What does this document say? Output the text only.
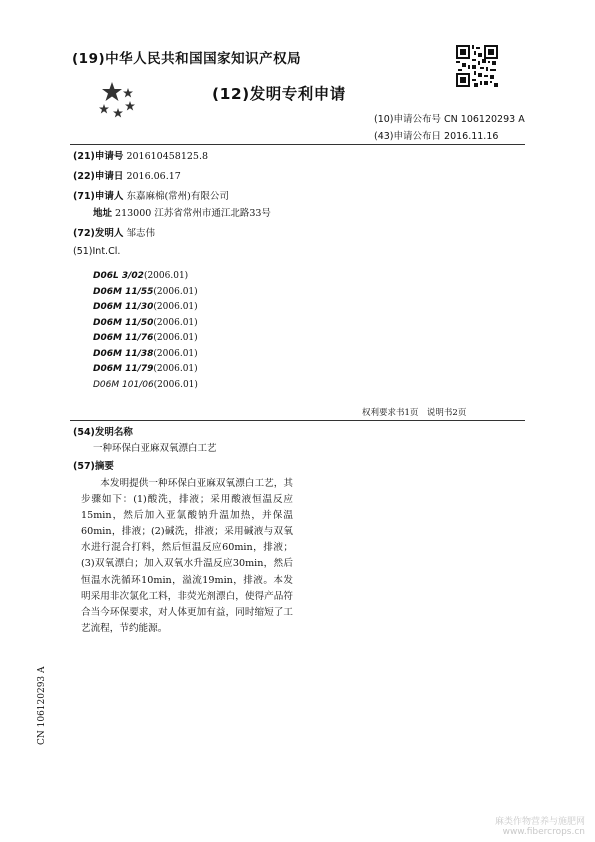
(19)中华人民共和国国家知识产权局
(12)发明专利申请
(10)申请公布号 CN 106120293 A
(43)申请公布日 2016.11.16
(21)申请号 201610458125.8
(22)申请日 2016.06.17
(71)申请人 东嘉麻棉(常州)有限公司
地址 213000 江苏省常州市通江北路33号
(72)发明人 邹志伟
(51)Int.Cl.
D06L 3/02(2006.01)
D06M 11/55(2006.01)
D06M 11/30(2006.01)
D06M 11/50(2006.01)
D06M 11/76(2006.01)
D06M 11/38(2006.01)
D06M 11/79(2006.01)
D06M 101/06(2006.01)
权利要求书1页　说明书2页
(54)发明名称
一种环保白亚麻双氧漂白工艺
(57)摘要
本发明提供一种环保白亚麻双氧漂白工艺，其步骤如下：(1)酸洗，排液；采用酸液恒温反应15min，然后加入亚氯酸钠升温加热，并保温60min，排液；(2)碱洗，排液；采用碱液与双氧水进行混合打料，然后恒温反应60min，排液；(3)双氧漂白；加入双氧水升温反应30min，然后恒温水洗循环10min，溢流19min，排液。本发明采用非次氯化工料，非荧光剂漂白，使得产品符合当今环保要求，对人体更加有益，同时缩短了工艺流程，节约能源。
CN 106120293 A
麻类作物营养与施肥网
www.fibercrops.cn
